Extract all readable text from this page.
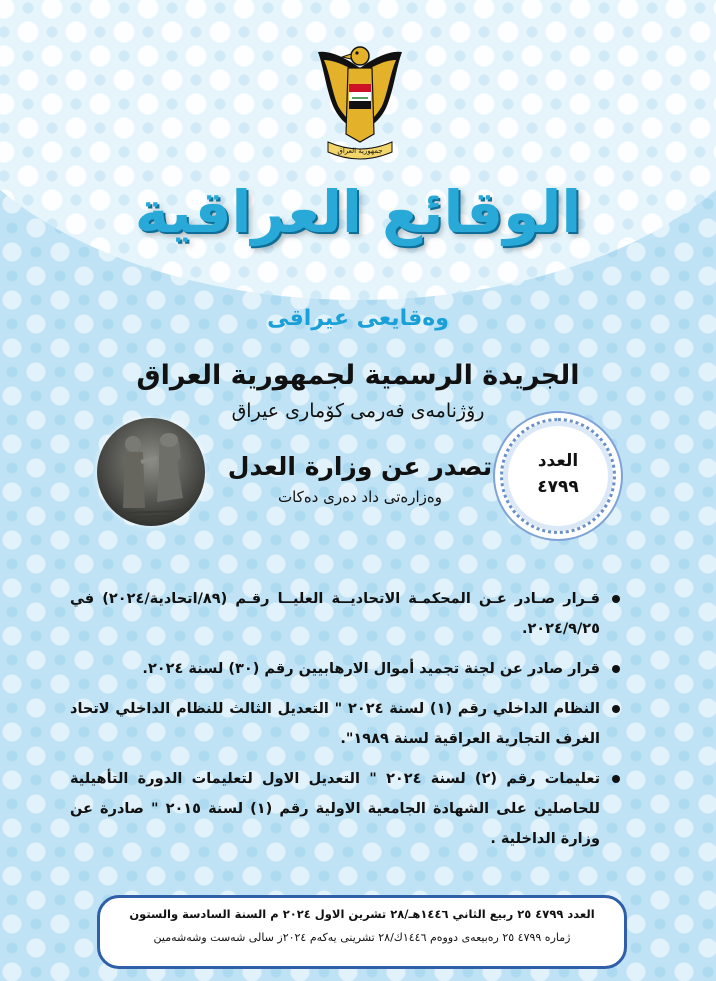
جمهورية العراق
الوقائع العراقية
وەقایعی عیراقی
الجريدة الرسمية لجمهورية العراق
رۆژنامەی فەرمی کۆماری عیراق
تصدر عن وزارة العدل
وەزارەتی داد دەری دەکات
العدد
٤٧٩٩
قـرار صـادر عـن المحكمـة الاتحاديــة العليــا رقـم (٨٩/اتحادية/٢٠٢٤) في ٢٠٢٤/٩/٢٥.
قرار صادر عن لجنة تجميد أموال الارهابيين رقم (٣٠) لسنة ٢٠٢٤.
النظام الداخلي رقم (١) لسنة ٢٠٢٤ " التعديل الثالث للنظام الداخلي لاتحاد الغرف التجارية العراقية لسنة ١٩٨٩".
تعليمات رقم (٢) لسنة ٢٠٢٤ " التعديل الاول لتعليمات الدورة التأهيلية للحاصلين على الشهادة الجامعية الاولية رقم (١) لسنة ٢٠١٥ " صادرة عن وزارة الداخلية .
العدد ٤٧٩٩ ٢٥ ربيع الثاني ١٤٤٦هـ/٢٨ تشرين الاول ٢٠٢٤ م السنة السادسة والستون
ژمارە ٤٧٩٩ ٢٥ رەبیعەی دووەم ١٤٤٦ك/٢٨ تشرینی یەکەم ٢٠٢٤ز سالی شەست وشەشەمین
